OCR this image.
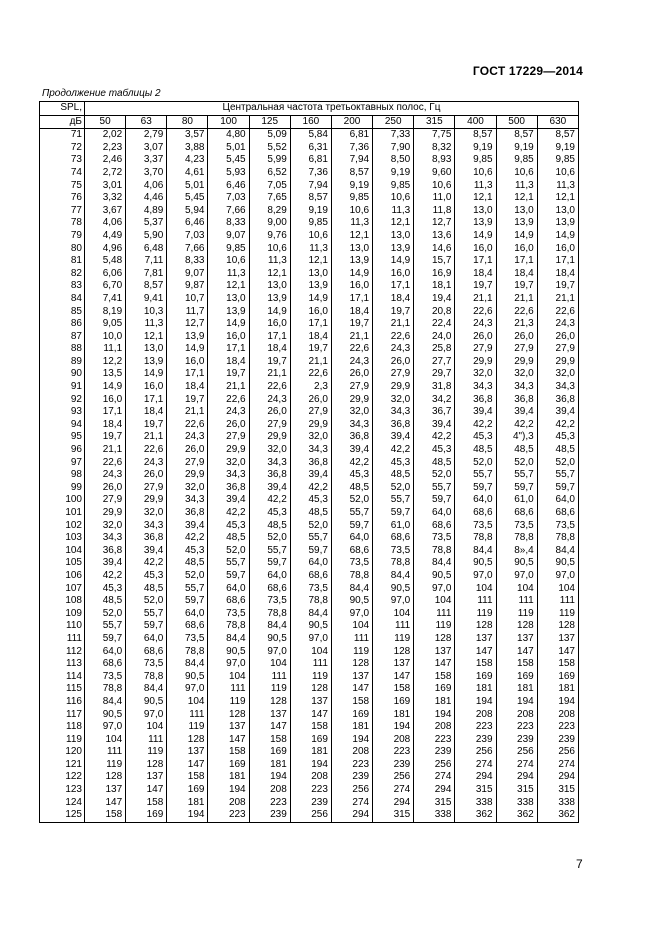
ГОСТ 17229—2014
Продолжение таблицы 2
SPL,	Центральная частота третьоктавных полос, Гц											
дБ	50	63	80	100	125	160	200	250	315	400	500	630
71	2,02	2,79	3,57	4,80	5,09	5,84	6,81	7,33	7,75	8,57	8,57	8,57
72	2,23	3,07	3,88	5,01	5,52	6,31	7,36	7,90	8,32	9,19	9,19	9,19
73	2,46	3,37	4,23	5,45	5,99	6,81	7,94	8,50	8,93	9,85	9,85	9,85
74	2,72	3,70	4,61	5,93	6,52	7,36	8,57	9,19	9,60	10,6	10,6	10,6
75	3,01	4,06	5,01	6,46	7,05	7,94	9,19	9,85	10,6	11,3	11,3	11,3
76	3,32	4,46	5,45	7,03	7,65	8,57	9,85	10,6	11,0	12,1	12,1	12,1
77	3,67	4,89	5,94	7,66	8,29	9,19	10,6	11,3	11,8	13,0	13,0	13,0
78	4,06	5,37	6,46	8,33	9,00	9,85	11,3	12,1	12,7	13,9	13,9	13,9
79	4,49	5,90	7,03	9,07	9,76	10,6	12,1	13,0	13,6	14,9	14,9	14,9
80	4,96	6,48	7,66	9,85	10,6	11,3	13,0	13,9	14,6	16,0	16,0	16,0
81	5,48	7,11	8,33	10,6	11,3	12,1	13,9	14,9	15,7	17,1	17,1	17,1
82	6,06	7,81	9,07	11,3	12,1	13,0	14,9	16,0	16,9	18,4	18,4	18,4
83	6,70	8,57	9,87	12,1	13,0	13,9	16,0	17,1	18,1	19,7	19,7	19,7
84	7,41	9,41	10,7	13,0	13,9	14,9	17,1	18,4	19,4	21,1	21,1	21,1
85	8,19	10,3	11,7	13,9	14,9	16,0	18,4	19,7	20,8	22,6	22,6	22,6
86	9,05	11,3	12,7	14,9	16,0	17,1	19,7	21,1	22,4	24,3	21,3	24,3
87	10,0	12,1	13,9	16,0	17,1	18,4	21,1	22,6	24,0	26,0	26,0	26,0
88	11,1	13,0	14,9	17,1	18,4	19,7	22,6	24,3	25,8	27,9	27,9	27,9
89	12,2	13,9	16,0	18,4	19,7	21,1	24,3	26,0	27,7	29,9	29,9	29,9
90	13,5	14,9	17,1	19,7	21,1	22,6	26,0	27,9	29,7	32,0	32,0	32,0
91	14,9	16,0	18,4	21,1	22,6	2,3	27,9	29,9	31,8	34,3	34,3	34,3
92	16,0	17,1	19,7	22,6	24,3	26,0	29,9	32,0	34,2	36,8	36,8	36,8
93	17,1	18,4	21,1	24,3	26,0	27,9	32,0	34,3	36,7	39,4	39,4	39,4
94	18,4	19,7	22,6	26,0	27,9	29,9	34,3	36,8	39,4	42,2	42,2	42,2
95	19,7	21,1	24,3	27,9	29,9	32,0	36,8	39,4	42,2	45,3	4"),3	45,3
96	21,1	22,6	26,0	29,9	32,0	34,3	39,4	42,2	45,3	48,5	48,5	48,5
97	22,6	24,3	27,9	32,0	34,3	36,8	42,2	45,3	48,5	52,0	52,0	52,0
98	24,3	26,0	29,9	34,3	36,8	39,4	45,3	48,5	52,0	55,7	55,7	55,7
99	26,0	27,9	32,0	36,8	39,4	42,2	48,5	52,0	55,7	59,7	59,7	59,7
100	27,9	29,9	34,3	39,4	42,2	45,3	52,0	55,7	59,7	64,0	61,0	64,0
101	29,9	32,0	36,8	42,2	45,3	48,5	55,7	59,7	64,0	68,6	68,6	68,6
102	32,0	34,3	39,4	45,3	48,5	52,0	59,7	61,0	68,6	73,5	73,5	73,5
103	34,3	36,8	42,2	48,5	52,0	55,7	64,0	68,6	73,5	78,8	78,8	78,8
104	36,8	39,4	45,3	52,0	55,7	59,7	68,6	73,5	78,8	84,4	8»,4	84,4
105	39,4	42,2	48,5	55,7	59,7	64,0	73,5	78,8	84,4	90,5	90,5	90,5
106	42,2	45,3	52,0	59,7	64,0	68,6	78,8	84,4	90,5	97,0	97,0	97,0
107	45,3	48,5	55,7	64,0	68,6	73,5	84,4	90,5	97,0	104	104	104
108	48,5	52,0	59,7	68,6	73,5	78,8	90,5	97,0	104	111	111	111
109	52,0	55,7	64,0	73,5	78,8	84,4	97,0	104	111	119	119	119
110	55,7	59,7	68,6	78,8	84,4	90,5	104	111	119	128	128	128
111	59,7	64,0	73,5	84,4	90,5	97,0	111	119	128	137	137	137
112	64,0	68,6	78,8	90,5	97,0	104	119	128	137	147	147	147
113	68,6	73,5	84,4	97,0	104	111	128	137	147	158	158	158
114	73,5	78,8	90,5	104	111	119	137	147	158	169	169	169
115	78,8	84,4	97,0	111	119	128	147	158	169	181	181	181
116	84,4	90,5	104	119	128	137	158	169	181	194	194	194
117	90,5	97,0	111	128	137	147	169	181	194	208	208	208
118	97,0	104	119	137	147	158	181	194	208	223	223	223
119	104	111	128	147	158	169	194	208	223	239	239	239
120	111	119	137	158	169	181	208	223	239	256	256	256
121	119	128	147	169	181	194	223	239	256	274	274	274
122	128	137	158	181	194	208	239	256	274	294	294	294
123	137	147	169	194	208	223	256	274	294	315	315	315
124	147	158	181	208	223	239	274	294	315	338	338	338
125	158	169	194	223	239	256	294	315	338	362	362	362
7
